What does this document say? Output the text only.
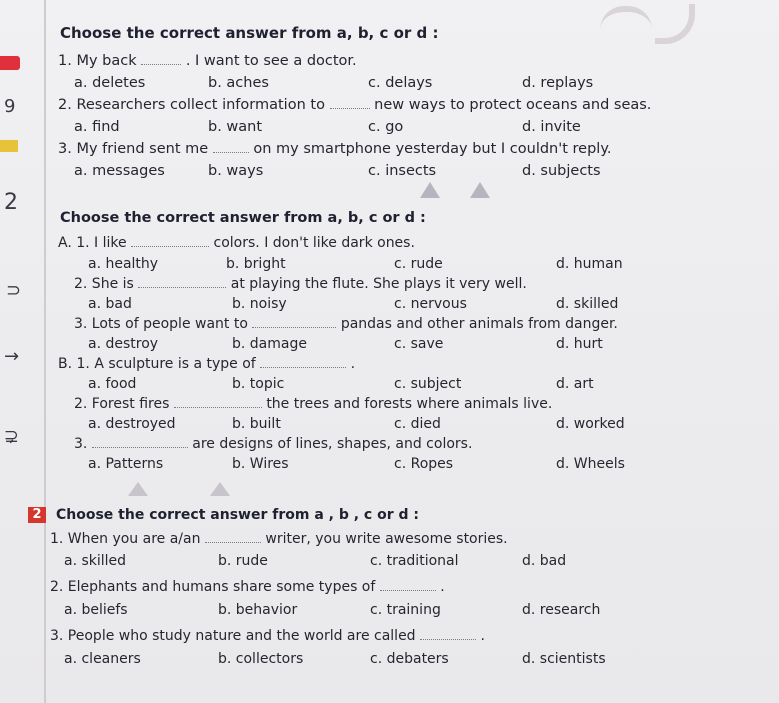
9
2
⊃
→
⊋
Choose the correct answer from a, b, c or d :
1. My back	. I want to see a doctor.
a. deletes	b. aches	c. delays	d. replays
2. Researchers collect information to	new ways to protect oceans and seas.
a. find	b. want	c. go	d. invite
3. My friend sent me	on my smartphone yesterday but I couldn't reply.
a. messages	b. ways	c. insects	d. subjects
Choose the correct answer from a, b, c or d :
A. 1. I like	colors. I don't like dark ones.
a. healthy	b. bright	c. rude	d. human
2. She is	at playing the flute. She plays it very well.
a. bad	b. noisy	c. nervous	d. skilled
3. Lots of people want to	pandas and other animals from danger.
a. destroy	b. damage	c. save	d. hurt
B. 1. A sculpture is a type of	.
a. food	b. topic	c. subject	d. art
2. Forest fires	the trees and forests where animals live.
a. destroyed	b. built	c. died	d. worked
3.	are designs of lines, shapes, and colors.
a. Patterns	b. Wires	c. Ropes	d. Wheels
2	Choose the correct answer from a , b , c or d :
1. When you are a/an	writer, you write awesome stories.
a. skilled	b. rude	c. traditional	d. bad
2. Elephants and humans share some types of	.
a. beliefs	b. behavior	c. training	d. research
3. People who study nature and the world are called	.
a. cleaners	b. collectors	c. debaters	d. scientists
